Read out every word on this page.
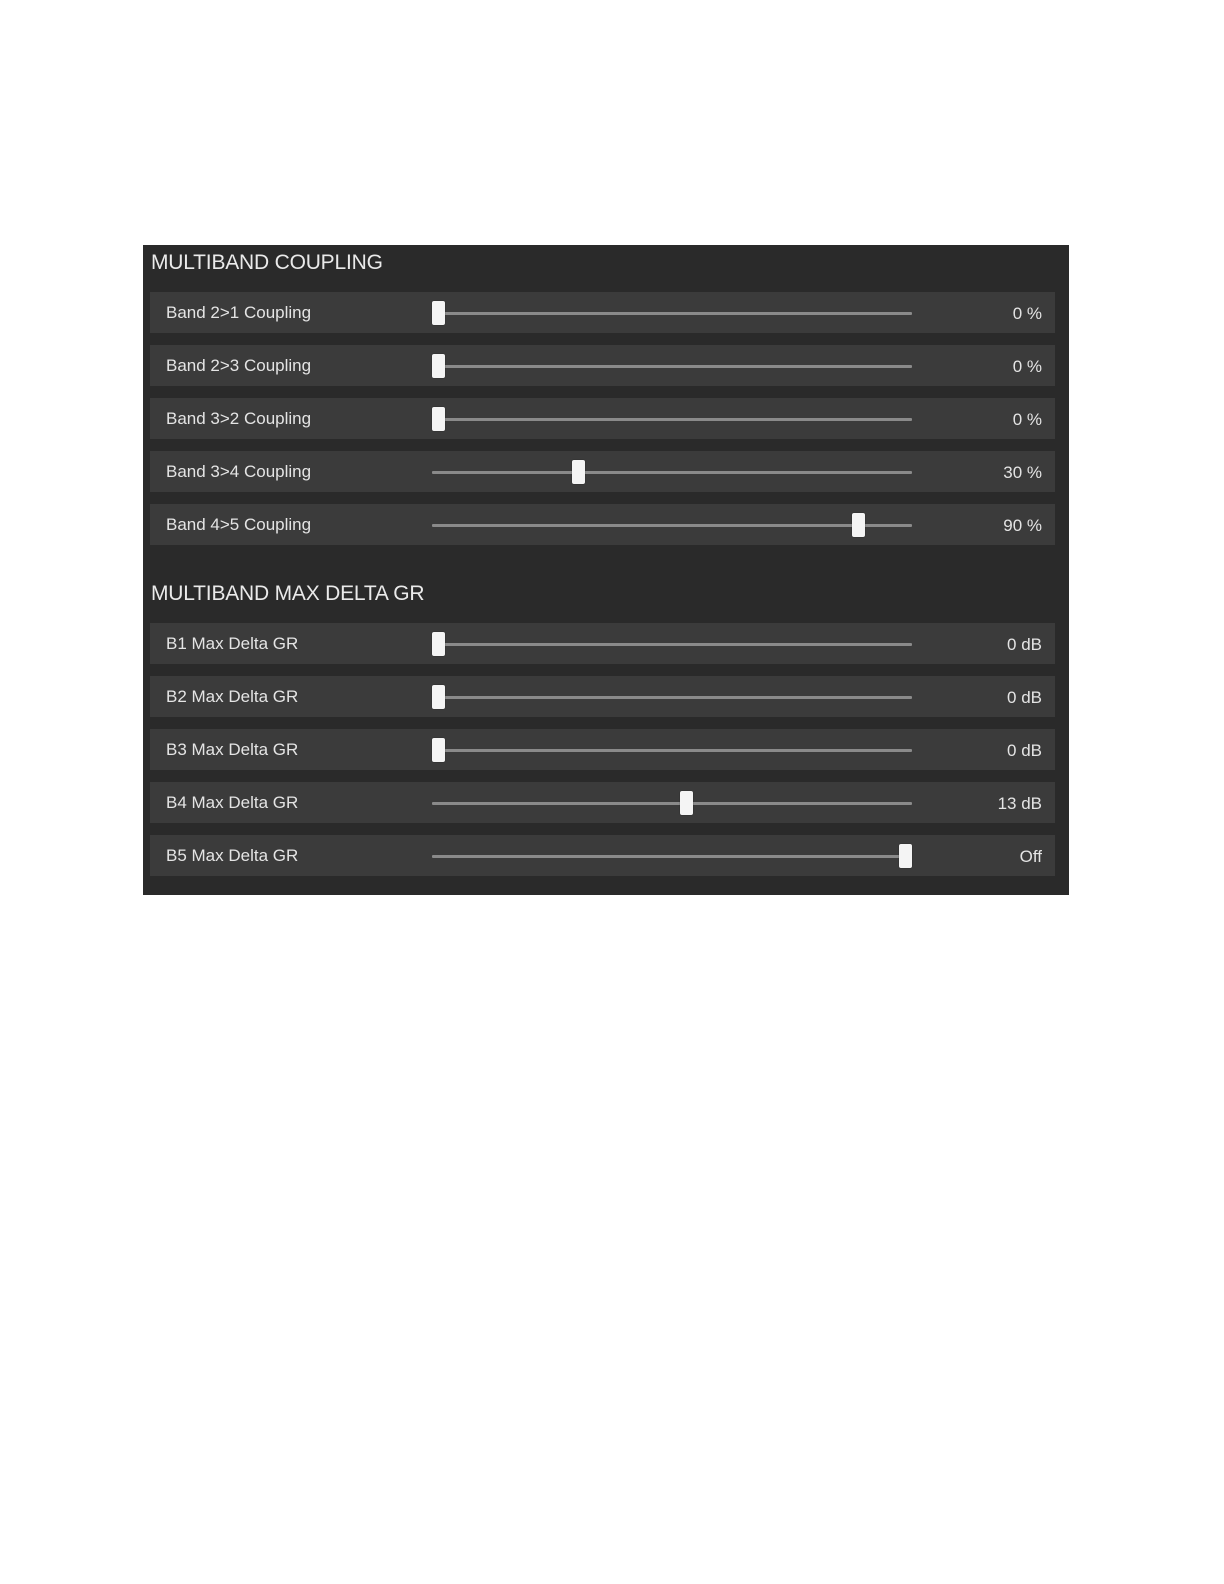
MULTIBAND COUPLING
Band 2>1 Coupling	0 %
Band 2>3 Coupling	0 %
Band 3>2 Coupling	0 %
Band 3>4 Coupling	30 %
Band 4>5 Coupling	90 %
MULTIBAND MAX DELTA GR
B1 Max Delta GR	0 dB
B2 Max Delta GR	0 dB
B3 Max Delta GR	0 dB
B4 Max Delta GR	13 dB
B5 Max Delta GR	Off
